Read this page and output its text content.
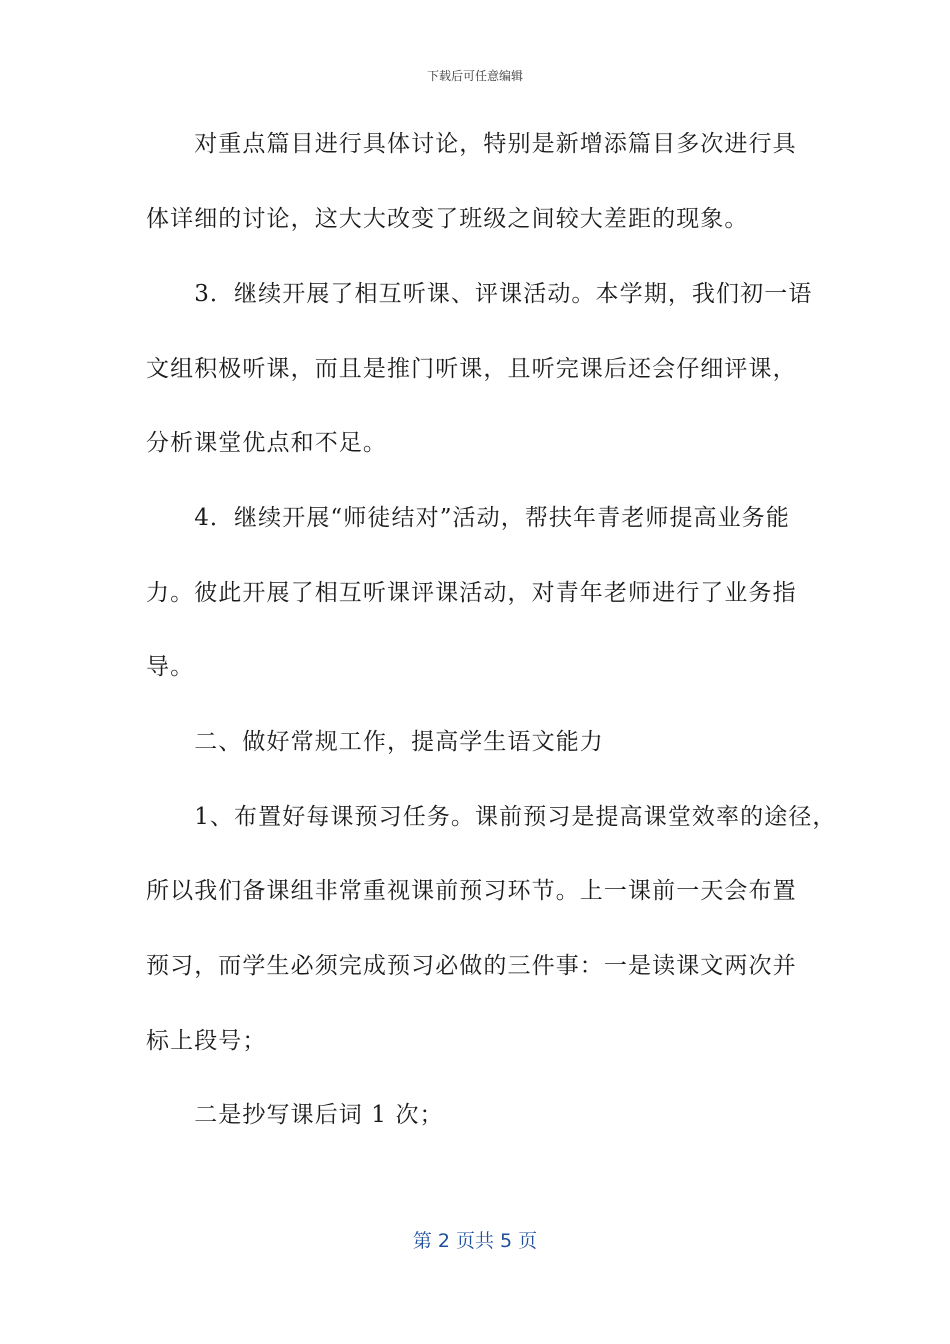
下载后可任意编辑
　　对重点篇目进行具体讨论，特别是新增添篇目多次进行具
体详细的讨论，这大大改变了班级之间较大差距的现象。
　　3．继续开展了相互听课、评课活动。本学期，我们初一语
文组积极听课，而且是推门听课，且听完课后还会仔细评课，
分析课堂优点和不足。
　　4．继续开展“师徒结对”活动，帮扶年青老师提高业务能
力。彼此开展了相互听课评课活动，对青年老师进行了业务指
导。
　　二、做好常规工作，提高学生语文能力
　　1、布置好每课预习任务。课前预习是提高课堂效率的途径，
所以我们备课组非常重视课前预习环节。上一课前一天会布置
预习，而学生必须完成预习必做的三件事：一是读课文两次并
标上段号；
　　二是抄写课后词 1 次；
第 2 页共 5 页
